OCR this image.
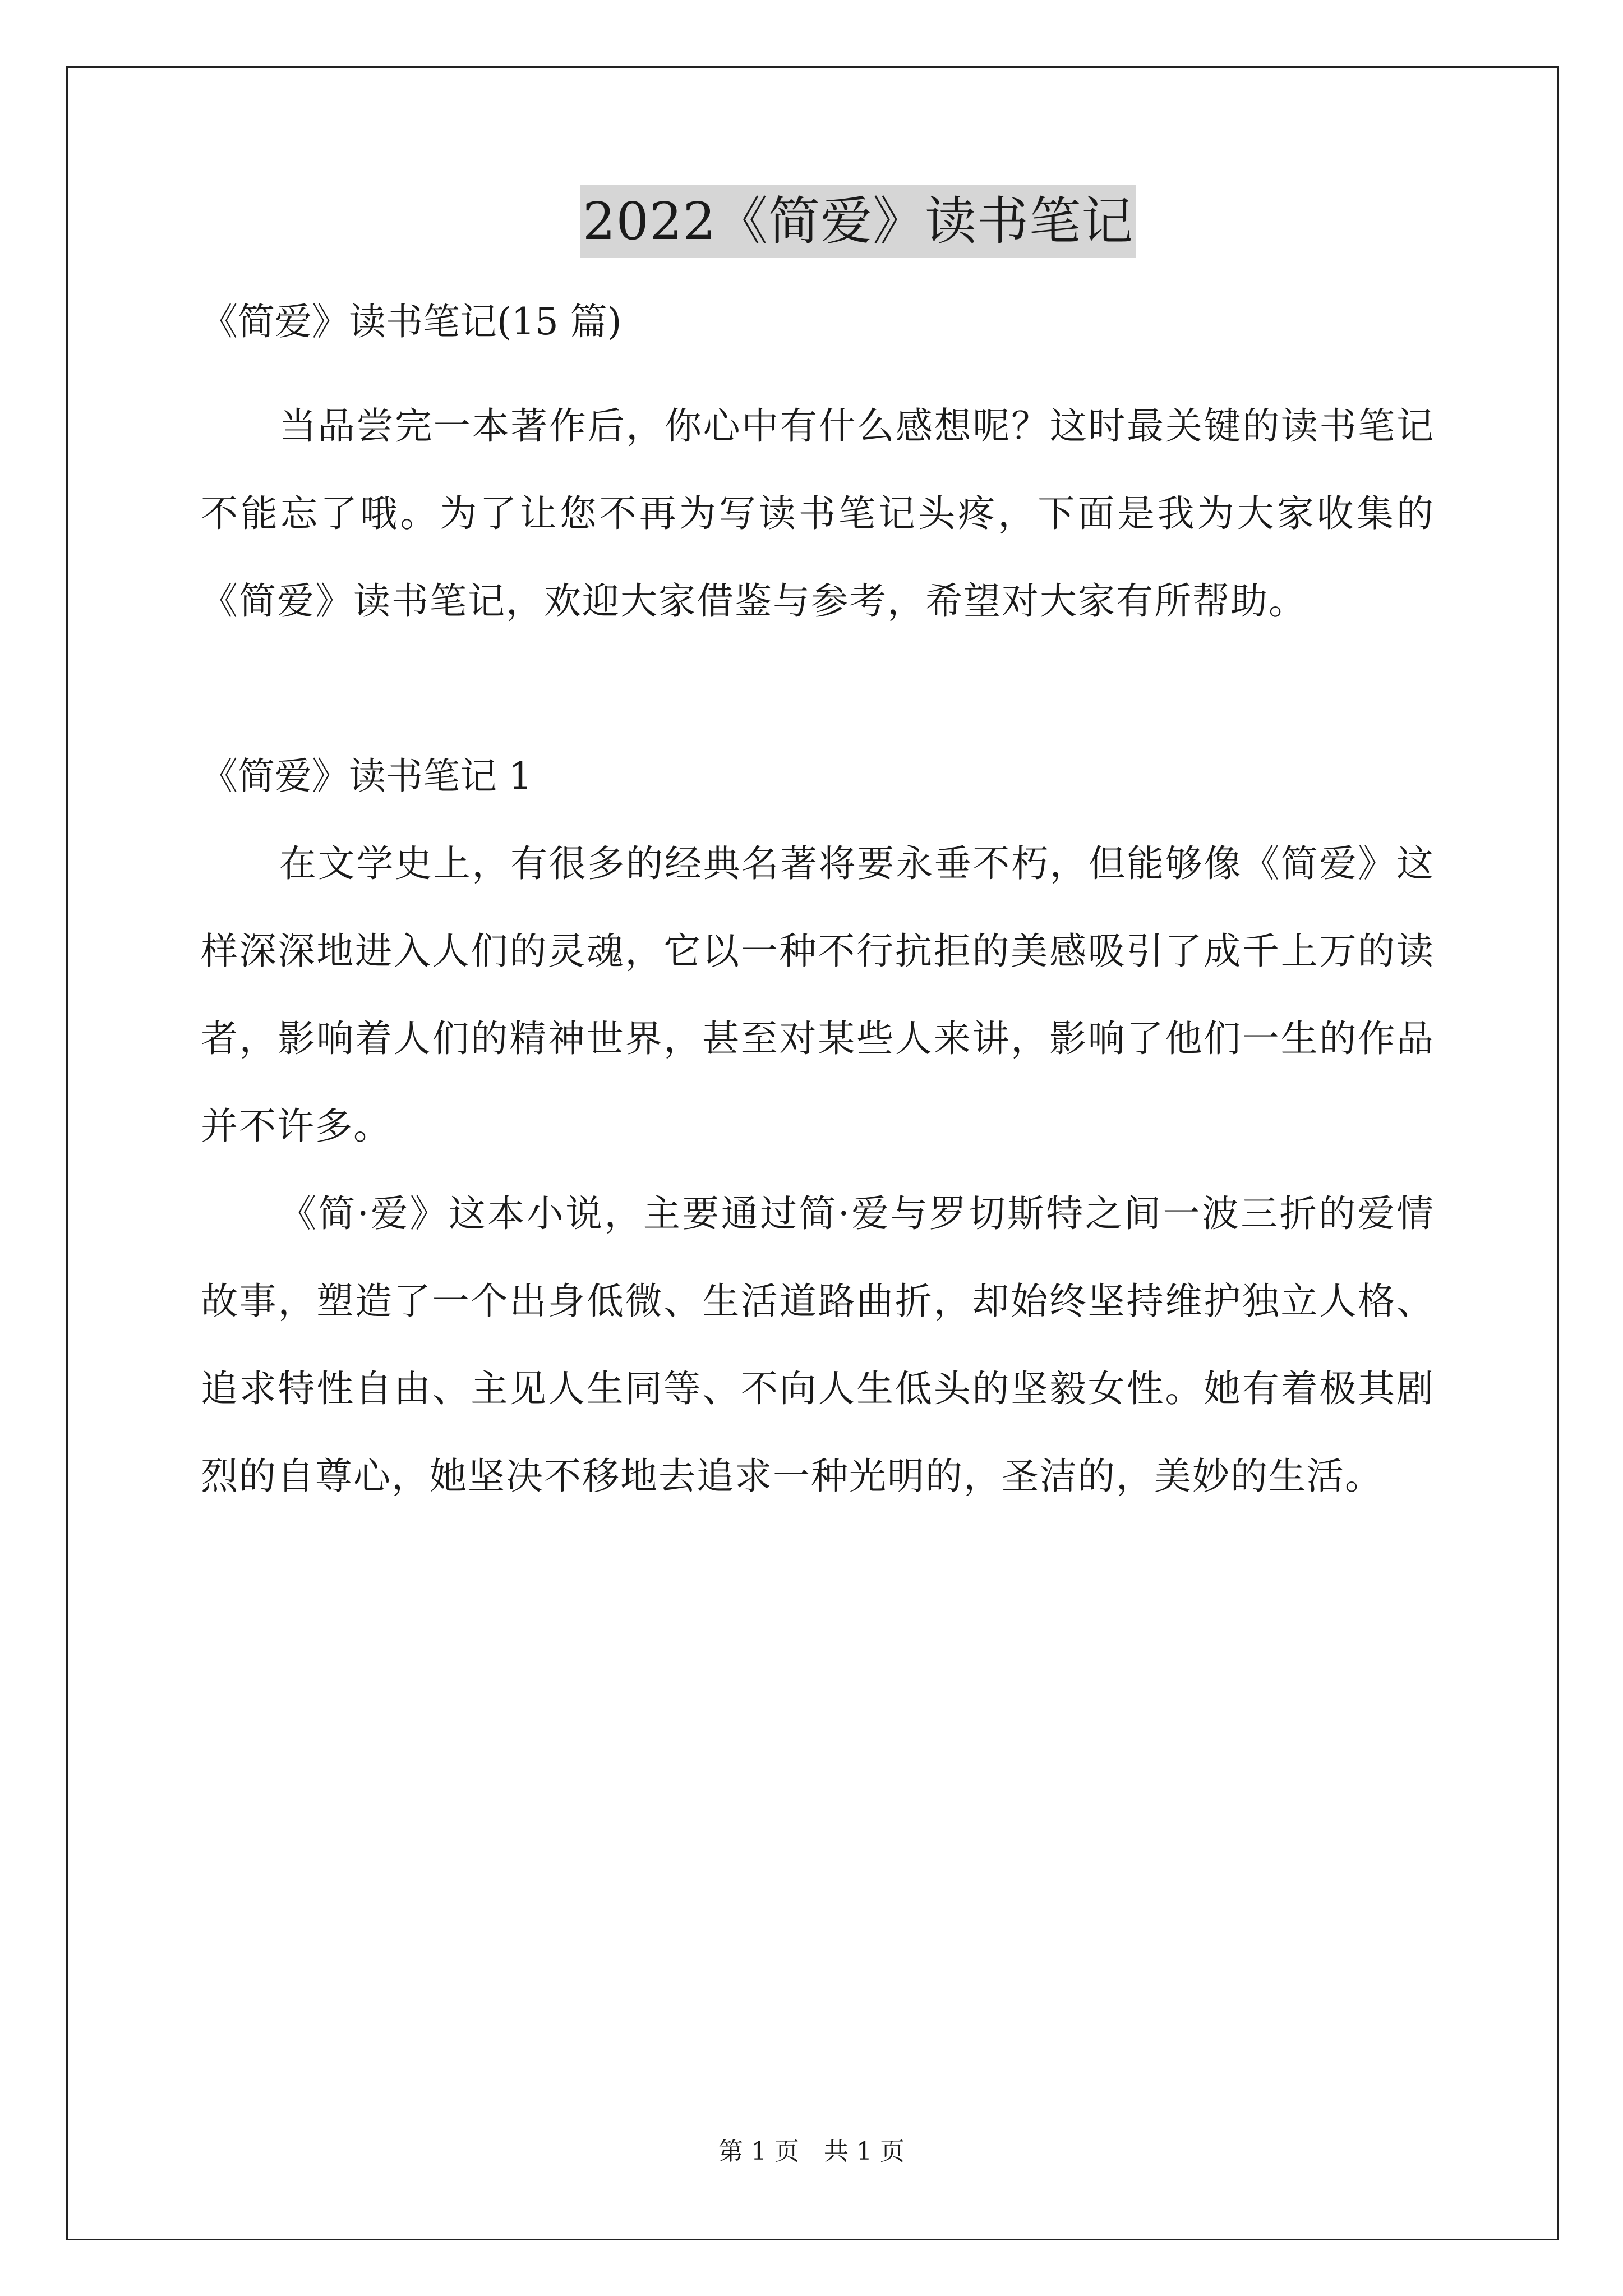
2022《简爱》读书笔记
《简爱》读书笔记(15 篇)

当品尝完一本著作后，你心中有什么感想呢？这时最关键的读书笔记不能忘了哦。为了让您不再为写读书笔记头疼，下面是我为大家收集的《简爱》读书笔记，欢迎大家借鉴与参考，希望对大家有所帮助。

《简爱》读书笔记 1

在文学史上，有很多的经典名著将要永垂不朽，但能够像《简爱》这样深深地进入人们的灵魂，它以一种不行抗拒的美感吸引了成千上万的读者，影响着人们的精神世界，甚至对某些人来讲，影响了他们一生的作品并不许多。

《简·爱》这本小说，主要通过简·爱与罗切斯特之间一波三折的爱情故事，塑造了一个出身低微、生活道路曲折，却始终坚持维护独立人格、追求特性自由、主见人生同等、不向人生低头的坚毅女性。她有着极其剧烈的自尊心，她坚决不移地去追求一种光明的，圣洁的，美妙的生活。

第 1 页　共 1 页
